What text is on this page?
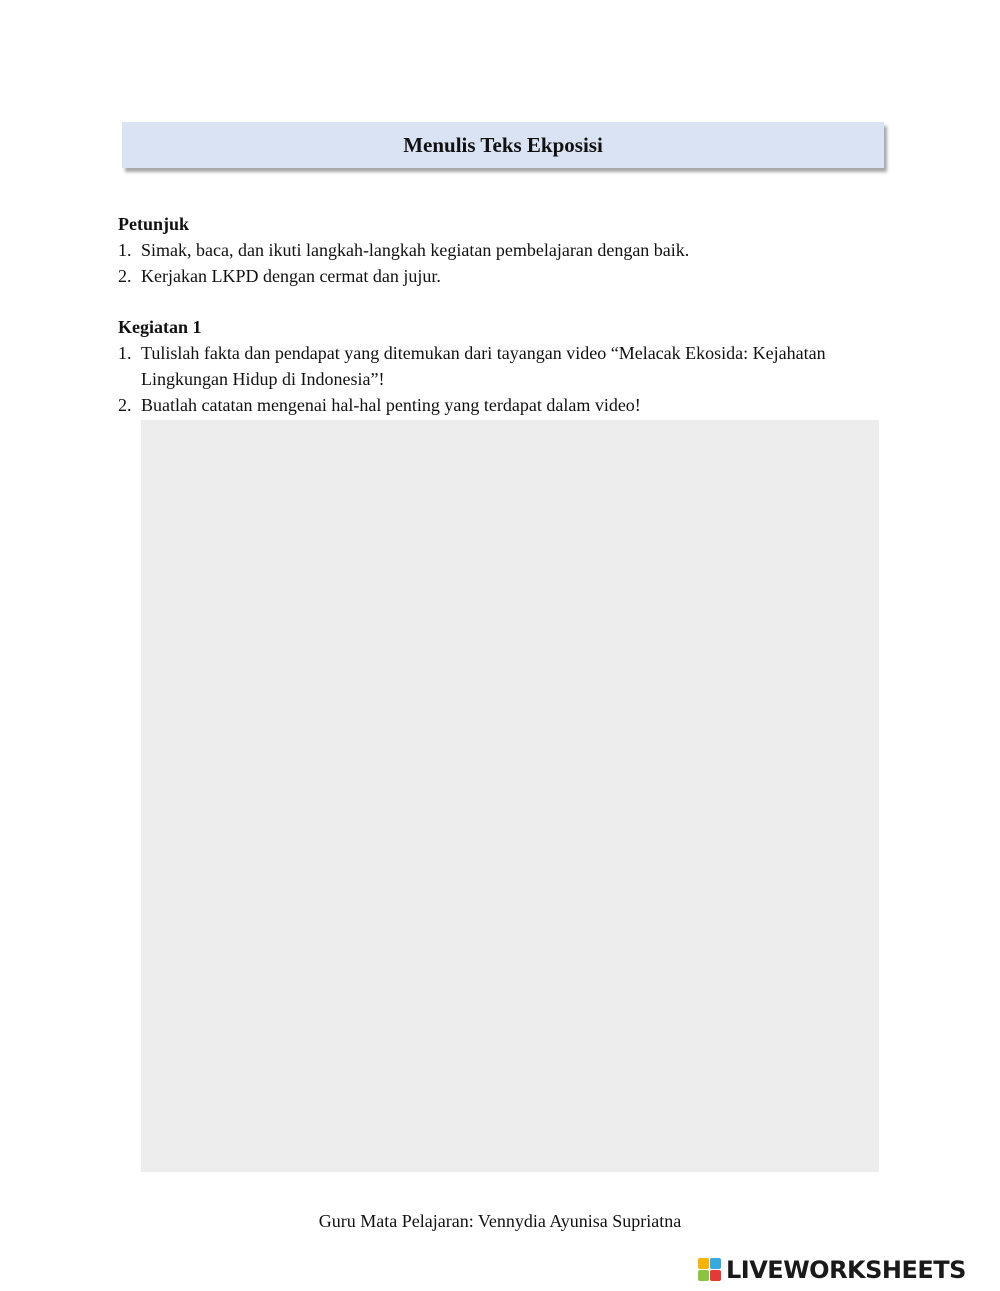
Menulis Teks Ekposisi

Petunjuk

1. Simak, baca, dan ikuti langkah-langkah kegiatan pembelajaran dengan baik.
2. Kerjakan LKPD dengan cermat dan jujur.

Kegiatan 1

1. Tulislah fakta dan pendapat yang ditemukan dari tayangan video “Melacak Ekosida: Kejahatan Lingkungan Hidup di Indonesia”!
2. Buatlah catatan mengenai hal-hal penting yang terdapat dalam video!
Guru Mata Pelajaran: Vennydia Ayunisa Supriatna
LIVEWORKSHEETS
